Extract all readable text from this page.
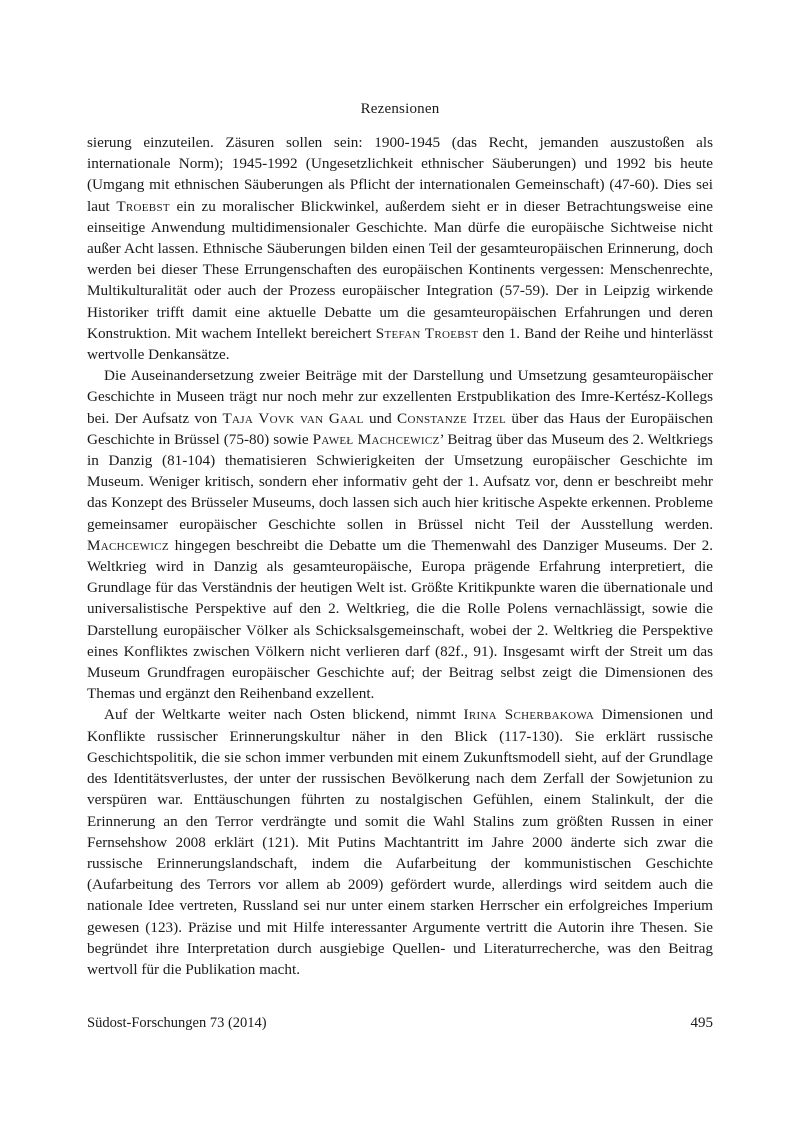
Rezensionen

sierung einzuteilen. Zäsuren sollen sein: 1900-1945 (das Recht, jemanden auszustoßen als internationale Norm); 1945-1992 (Ungesetzlichkeit ethnischer Säuberungen) und 1992 bis heute (Umgang mit ethnischen Säuberungen als Pflicht der internationalen Gemeinschaft) (47-60). Dies sei laut Troebst ein zu moralischer Blickwinkel, außerdem sieht er in dieser Betrachtungsweise eine einseitige Anwendung multidimensionaler Geschichte. Man dürfe die europäische Sichtweise nicht außer Acht lassen. Ethnische Säuberungen bilden einen Teil der gesamteuropäischen Erinnerung, doch werden bei dieser These Errungenschaften des europäischen Kontinents vergessen: Menschenrechte, Multikulturalität oder auch der Prozess europäischer Integration (57-59). Der in Leipzig wirkende Historiker trifft damit eine aktuelle Debatte um die gesamteuropäischen Erfahrungen und deren Konstruktion. Mit wachem Intellekt bereichert Stefan Troebst den 1. Band der Reihe und hinterlässt wertvolle Denkansätze.

Die Auseinandersetzung zweier Beiträge mit der Darstellung und Umsetzung gesamteuropäischer Geschichte in Museen trägt nur noch mehr zur exzellenten Erstpublikation des Imre-Kertész-Kollegs bei. Der Aufsatz von Taja Vovk van Gaal und Constanze Itzel über das Haus der Europäischen Geschichte in Brüssel (75-80) sowie Paweł Machcewicz’ Beitrag über das Museum des 2. Weltkriegs in Danzig (81-104) thematisieren Schwierigkeiten der Umsetzung europäischer Geschichte im Museum. Weniger kritisch, sondern eher informativ geht der 1. Aufsatz vor, denn er beschreibt mehr das Konzept des Brüsseler Museums, doch lassen sich auch hier kritische Aspekte erkennen. Probleme gemeinsamer europäischer Geschichte sollen in Brüssel nicht Teil der Ausstellung werden. Machcewicz hingegen beschreibt die Debatte um die Themenwahl des Danziger Museums. Der 2. Weltkrieg wird in Danzig als gesamteuropäische, Europa prägende Erfahrung interpretiert, die Grundlage für das Verständnis der heutigen Welt ist. Größte Kritikpunkte waren die übernationale und universalistische Perspektive auf den 2. Weltkrieg, die die Rolle Polens vernachlässigt, sowie die Darstellung europäischer Völker als Schicksalsgemeinschaft, wobei der 2. Weltkrieg die Perspektive eines Konfliktes zwischen Völkern nicht verlieren darf (82f., 91). Insgesamt wirft der Streit um das Museum Grundfragen europäischer Geschichte auf; der Beitrag selbst zeigt die Dimensionen des Themas und ergänzt den Reihenband exzellent.

Auf der Weltkarte weiter nach Osten blickend, nimmt Irina Scherbakowa Dimensionen und Konflikte russischer Erinnerungskultur näher in den Blick (117-130). Sie erklärt russische Geschichtspolitik, die sie schon immer verbunden mit einem Zukunftsmodell sieht, auf der Grundlage des Identitätsverlustes, der unter der russischen Bevölkerung nach dem Zerfall der Sowjetunion zu verspüren war. Enttäuschungen führten zu nostalgischen Gefühlen, einem Stalinkult, der die Erinnerung an den Terror verdrängte und somit die Wahl Stalins zum größten Russen in einer Fernsehshow 2008 erklärt (121). Mit Putins Machtantritt im Jahre 2000 änderte sich zwar die russische Erinnerungslandschaft, indem die Aufarbeitung der kommunistischen Geschichte (Aufarbeitung des Terrors vor allem ab 2009) gefördert wurde, allerdings wird seitdem auch die nationale Idee vertreten, Russland sei nur unter einem starken Herrscher ein erfolgreiches Imperium gewesen (123). Präzise und mit Hilfe interessanter Argumente vertritt die Autorin ihre Thesen. Sie begründet ihre Interpretation durch ausgiebige Quellen- und Literaturrecherche, was den Beitrag wertvoll für die Publikation macht.

Südost-Forschungen 73 (2014)	495
